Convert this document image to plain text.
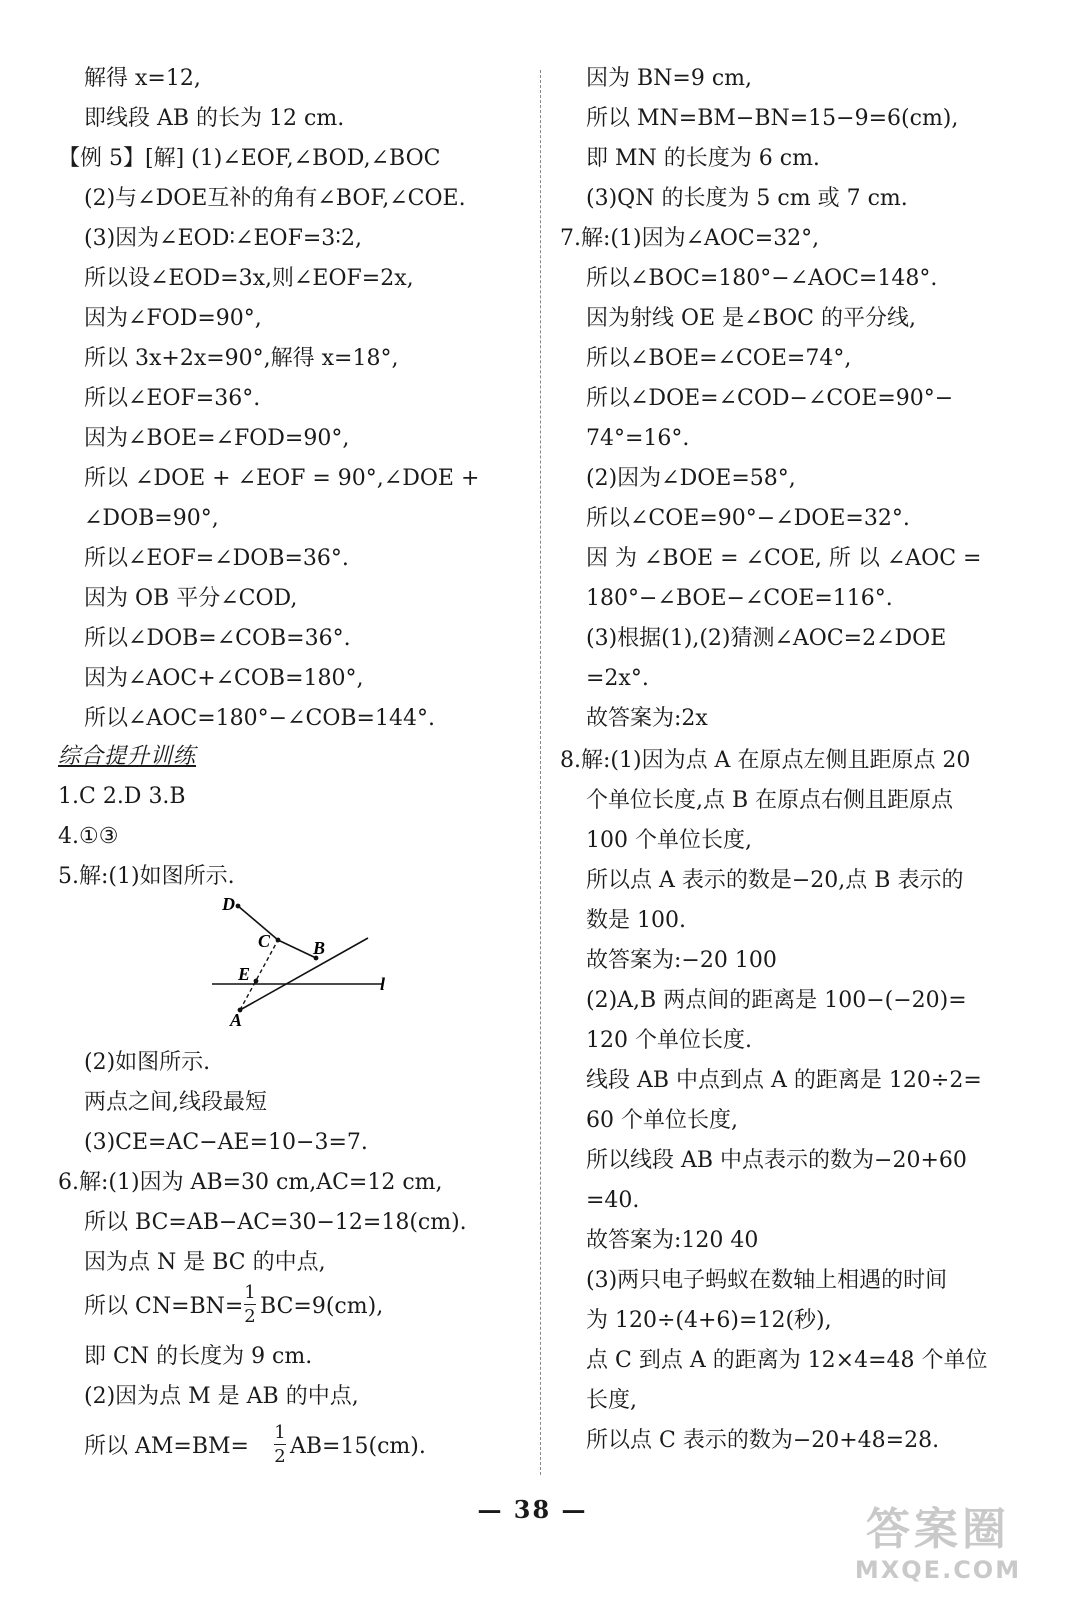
解得 x=12,
即线段 AB 的长为 12 cm.
【例 5】[解] (1)∠EOF,∠BOD,∠BOC
(2)与∠DOE互补的角有∠BOF,∠COE.
(3)因为∠EOD∶∠EOF=3∶2,
所以设∠EOD=3x,则∠EOF=2x,
因为∠FOD=90°,
所以 3x+2x=90°,解得 x=18°,
所以∠EOF=36°.
因为∠BOE=∠FOD=90°,
所以 ∠DOE + ∠EOF = 90°,∠DOE +
∠DOB=90°,
所以∠EOF=∠DOB=36°.
因为 OB 平分∠COD,
所以∠DOB=∠COB=36°.
因为∠AOC+∠COB=180°,
所以∠AOC=180°−∠COB=144°.
综合提升训练
1.C 2.D 3.B
4.①③
5.解:(1)如图所示.
(2)如图所示.
两点之间,线段最短
(3)CE=AC−AE=10−3=7.
6.解:(1)因为 AB=30 cm,AC=12 cm,
所以 BC=AB−AC=30−12=18(cm).
因为点 N 是 BC 的中点,
所以 CN=BN=
1
2 BC=9(cm),
即 CN 的长度为 9 cm.
(2)因为点 M 是 AB 的中点,
所以 AM=BM=
1
2 AB=15(cm).
D
C B
E
A
l
因为 BN=9 cm,
所以 MN=BM−BN=15−9=6(cm),
即 MN 的长度为 6 cm.
(3)QN 的长度为 5 cm 或 7 cm.
7.解:(1)因为∠AOC=32°,
所以∠BOC=180°−∠AOC=148°.
因为射线 OE 是∠BOC 的平分线,
所以∠BOE=∠COE=74°,
所以∠DOE=∠COD−∠COE=90°−
74°=16°.
(2)因为∠DOE=58°,
所以∠COE=90°−∠DOE=32°.
因 为 ∠BOE = ∠COE, 所 以 ∠AOC =
180°−∠BOE−∠COE=116°.
(3)根据(1),(2)猜测∠AOC=2∠DOE
=2x°.
故答案为:2x
8.解:(1)因为点 A 在原点左侧且距原点 20
个单位长度,点 B 在原点右侧且距原点
100 个单位长度,
所以点 A 表示的数是−20,点 B 表示的
数是 100.
故答案为:−20 100
(2)A,B 两点间的距离是 100−(−20)=
120 个单位长度.
线段 AB 中点到点 A 的距离是 120÷2=
60 个单位长度,
所以线段 AB 中点表示的数为−20+60
=40.
故答案为:120 40
(3)两只电子蚂蚁在数轴上相遇的时间
为 120÷(4+6)=12(秒),
点 C 到点 A 的距离为 12×4=48 个单位
长度,
所以点 C 表示的数为−20+48=28.
— 38 —	答案圈
MXQE.COM
